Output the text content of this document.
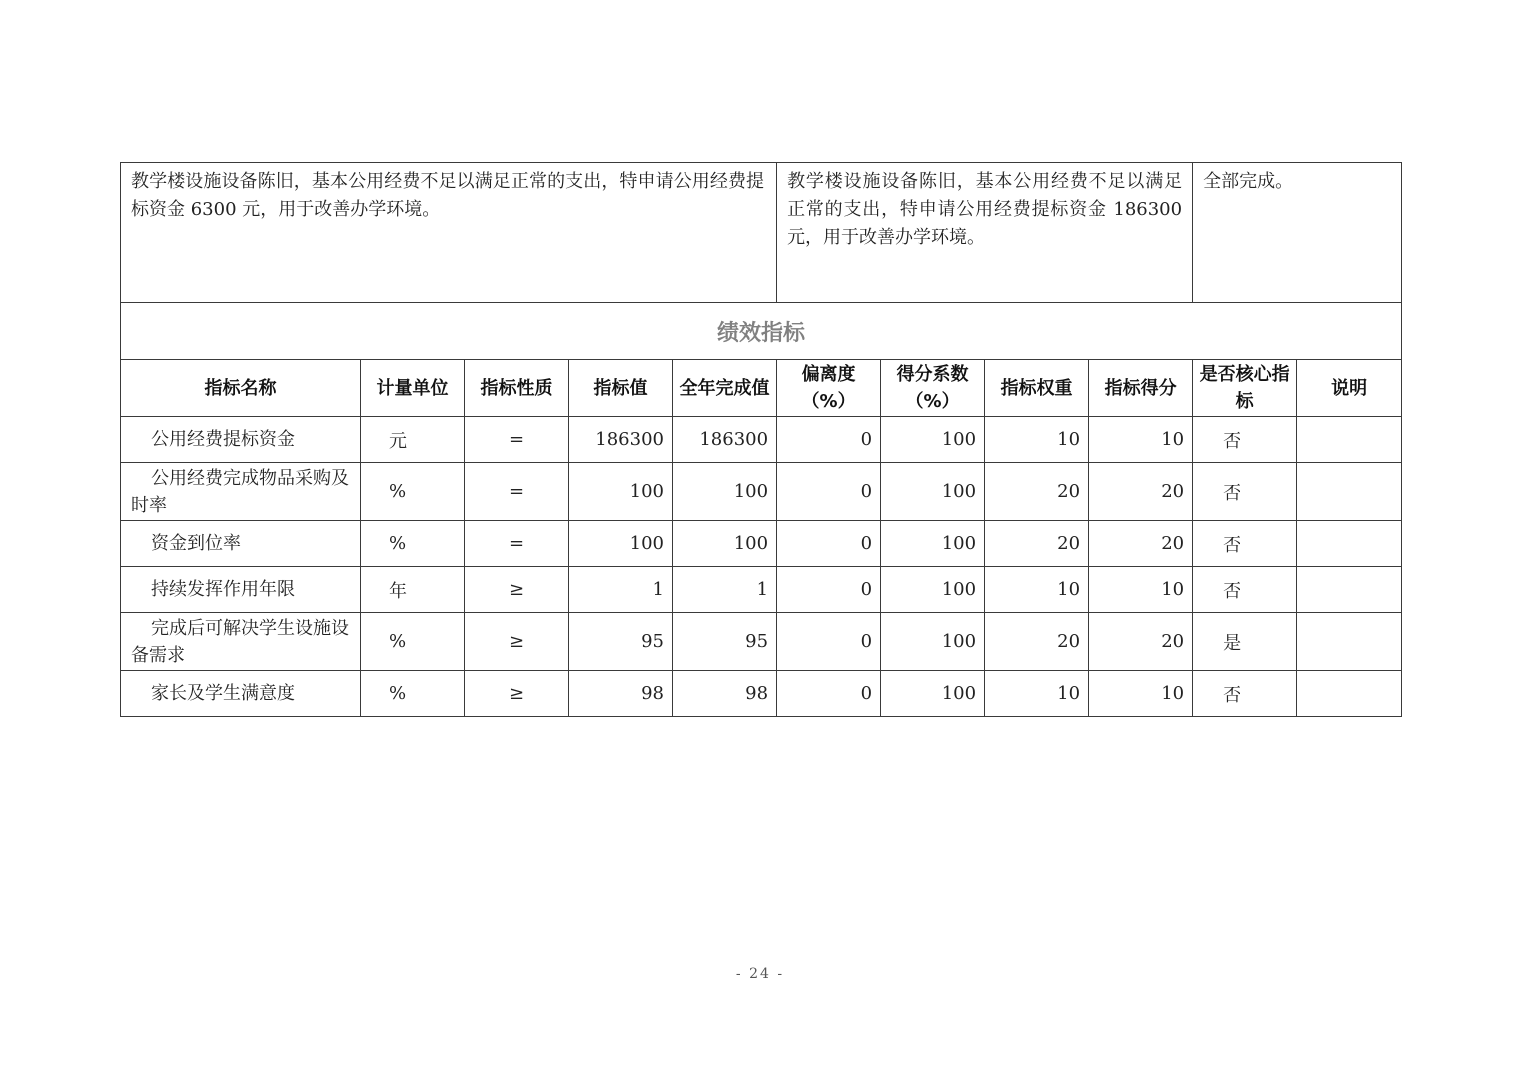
教学楼设施设备陈旧，基本公用经费不足以满足正常的支出，特申请公用经费提标资金 6300 元，用于改善办学环境。					教学楼设施设备陈旧，基本公用经费不足以满足正常的支出，特申请公用经费提标资金 186300 元，用于改善办学环境。				全部完成。	
绩效指标										
指标名称	计量单位	指标性质	指标值	全年完成值	偏离度（%）	得分系数（%）	指标权重	指标得分	是否核心指标	说明
公用经费提标资金	元	=	186300	186300	0	100	10	10	否	
公用经费完成物品采购及时率	%	=	100	100	0	100	20	20	否	
资金到位率	%	=	100	100	0	100	20	20	否	
持续发挥作用年限	年	≥	1	1	0	100	10	10	否	
完成后可解决学生设施设备需求	%	≥	95	95	0	100	20	20	是	
家长及学生满意度	%	≥	98	98	0	100	10	10	否	
- 24 -
